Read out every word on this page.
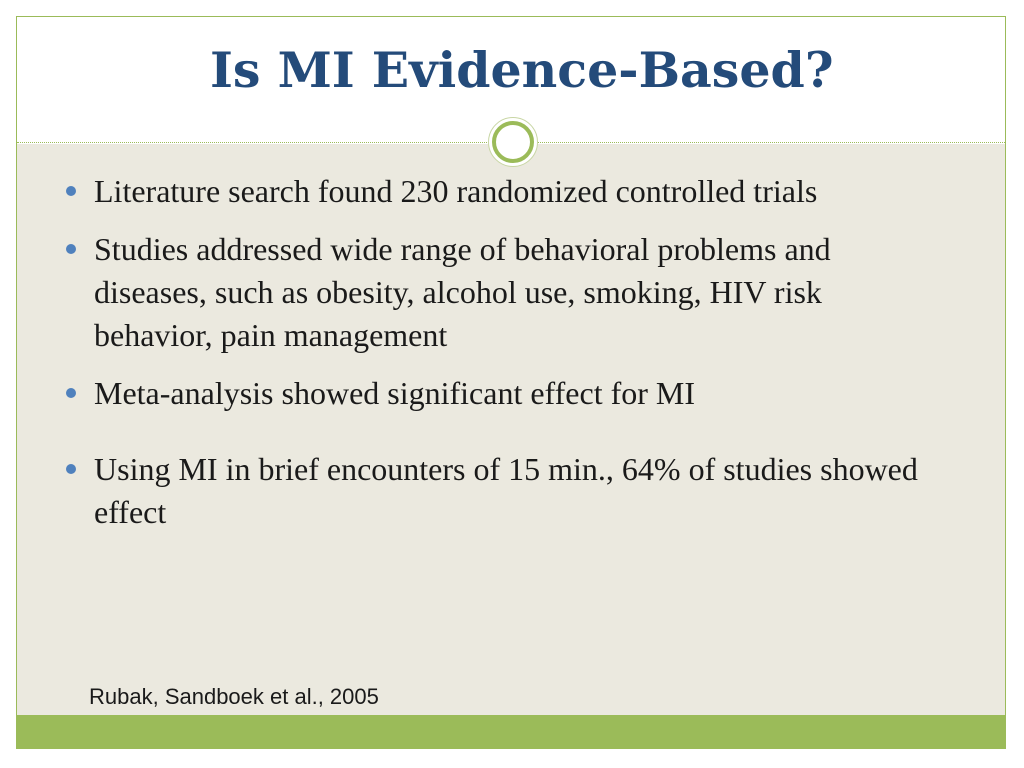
Is MI Evidence-Based?
Literature search found 230 randomized controlled trials
Studies addressed wide range of behavioral problems and diseases, such as obesity, alcohol use, smoking, HIV risk behavior, pain management
Meta-analysis showed significant effect for MI
Using MI in brief encounters of 15 min., 64% of studies showed effect

Rubak, Sandboek et al., 2005
